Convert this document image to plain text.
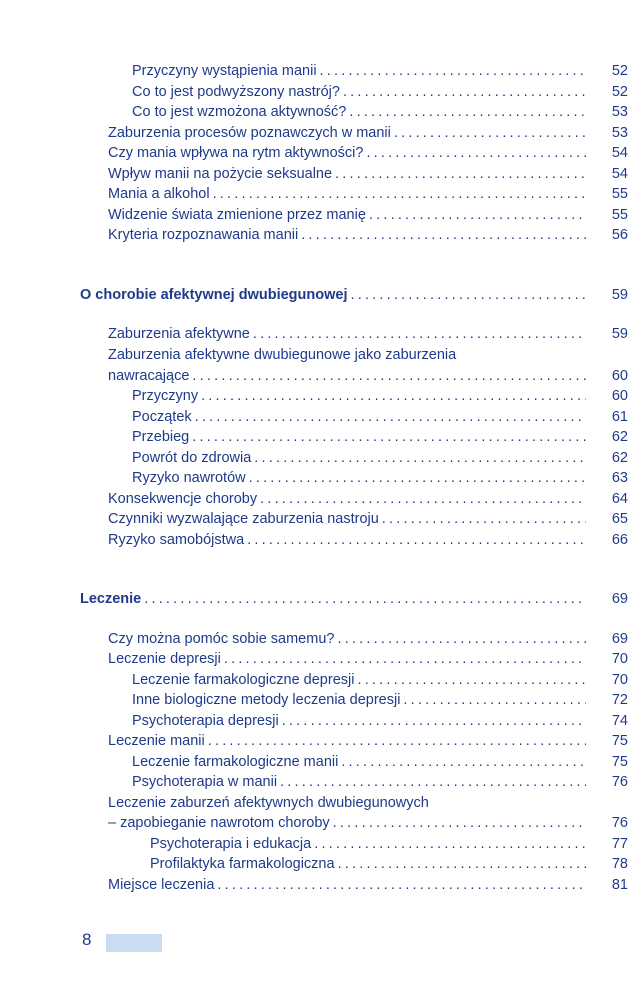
Przyczyny wystąpienia manii .....	52
Co to jest podwyższony nastrój? .....	52
Co to jest wzmożona aktywność? .....	53
Zaburzenia procesów poznawczych w manii .....	53
Czy mania wpływa na rytm aktywności? .....	54
Wpływ manii na pożycie seksualne .....	54
Mania a alkohol .....	55
Widzenie świata zmienione przez manię .....	55
Kryteria rozpoznawania manii .....	56
O chorobie afektywnej dwubiegunowej .....	59
Zaburzenia afektywne .....	59
Zaburzenia afektywne dwubiegunowe jako zaburzenia
nawracające .....	60
Przyczyny .....	60
Początek .....	61
Przebieg .....	62
Powrót do zdrowia .....	62
Ryzyko nawrotów .....	63
Konsekwencje choroby .....	64
Czynniki wyzwalające zaburzenia nastroju .....	65
Ryzyko samobójstwa .....	66
Leczenie .....	69
Czy można pomóc sobie samemu? .....	69
Leczenie depresji .....	70
Leczenie farmakologiczne depresji .....	70
Inne biologiczne metody leczenia depresji .....	72
Psychoterapia depresji .....	74
Leczenie manii .....	75
Leczenie farmakologiczne manii .....	75
Psychoterapia w manii .....	76
Leczenie zaburzeń afektywnych dwubiegunowych
– zapobieganie nawrotom choroby .....	76
Psychoterapia i edukacja .....	77
Profilaktyka farmakologiczna .....	78
Miejsce leczenia .....	81
8
